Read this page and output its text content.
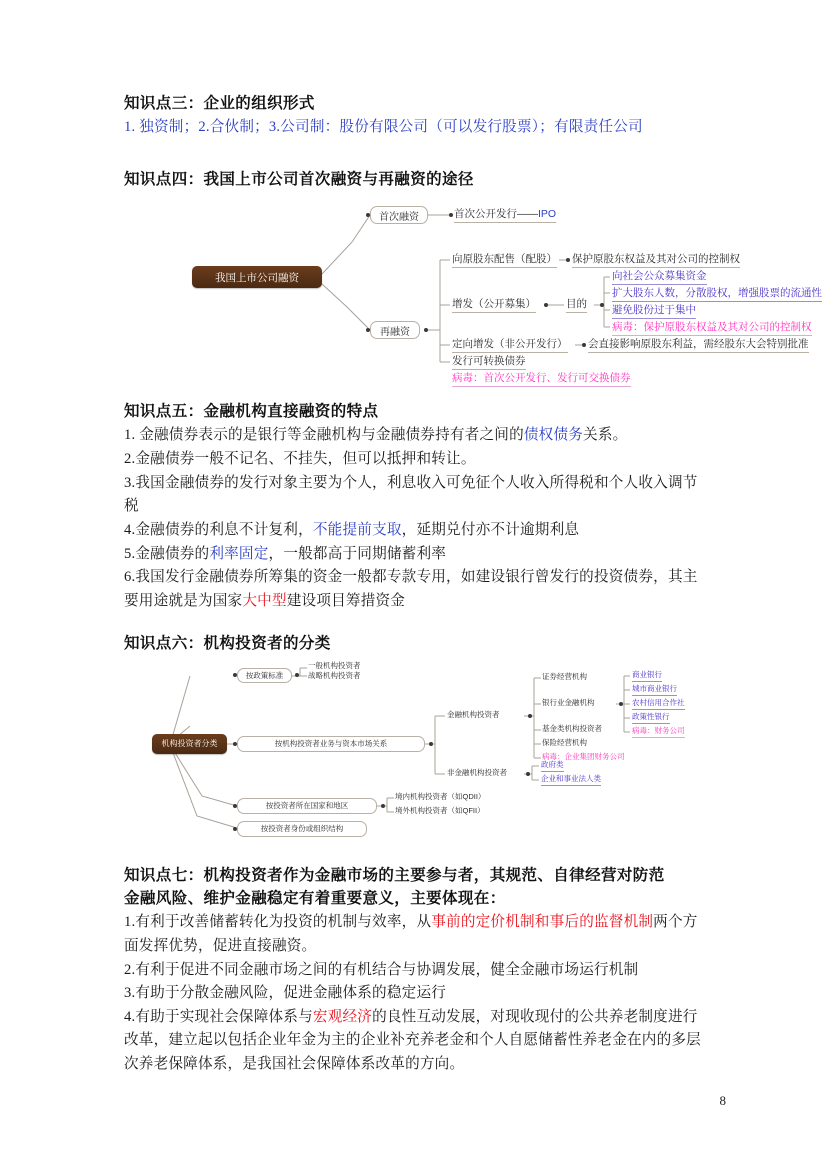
知识点三：企业的组织形式
1. 独资制；2.合伙制；3.公司制：股份有限公司（可以发行股票）；有限责任公司
知识点四：我国上市公司首次融资与再融资的途径
我国上市公司融资
首次融资	首次公开发行——IPO
再融资
向原股东配售（配股）
增发（公开募集）
定向增发（非公开发行）
发行可转换债券
病毒：首次公开发行、发行可交换债券
保护原股东权益及其对公司的控制权
目的
向社会公众募集资金
扩大股东人数，分散股权，增强股票的流通性
避免股份过于集中
病毒：保护原股东权益及其对公司的控制权
会直接影响原股东利益，需经股东大会特别批准
知识点五：金融机构直接融资的特点
1. 金融债券表示的是银行等金融机构与金融债券持有者之间的债权债务关系。
2.金融债券一般不记名、不挂失，但可以抵押和转让。
3.我国金融债券的发行对象主要为个人，利息收入可免征个人收入所得税和个人收入调节税
4.金融债券的利息不计复利，不能提前支取，延期兑付亦不计逾期利息
5.金融债券的利率固定，一般都高于同期储蓄利率
6.我国发行金融债券所筹集的资金一般都专款专用，如建设银行曾发行的投资债券，其主要用途就是为国家大中型建设项目筹措资金
知识点六：机构投资者的分类
机构投资者分类
按政策标准
一般机构投资者
战略机构投资者
按机构投资者业务与资本市场关系
金融机构投资者
非金融机构投资者
证券经营机构
银行业金融机构
基金类机构投资者
保险经营机构
病毒：企业集团财务公司
商业银行
城市商业银行
农村信用合作社
政策性银行
病毒：财务公司
政府类
企业和事业法人类
按投资者所在国家和地区
境内机构投资者（如QDII）
境外机构投资者（如QFII）
按投资者身份或组织结构
知识点七：机构投资者作为金融市场的主要参与者，其规范、自律经营对防范
金融风险、维护金融稳定有着重要意义，主要体现在：
1.有利于改善储蓄转化为投资的机制与效率，从事前的定价机制和事后的监督机制两个方面发挥优势，促进直接融资。
2.有利于促进不同金融市场之间的有机结合与协调发展，健全金融市场运行机制
3.有助于分散金融风险，促进金融体系的稳定运行
4.有助于实现社会保障体系与宏观经济的良性互动发展，对现收现付的公共养老制度进行改革，建立起以包括企业年金为主的企业补充养老金和个人自愿储蓄性养老金在内的多层次养老保障体系，是我国社会保障体系改革的方向。
8
